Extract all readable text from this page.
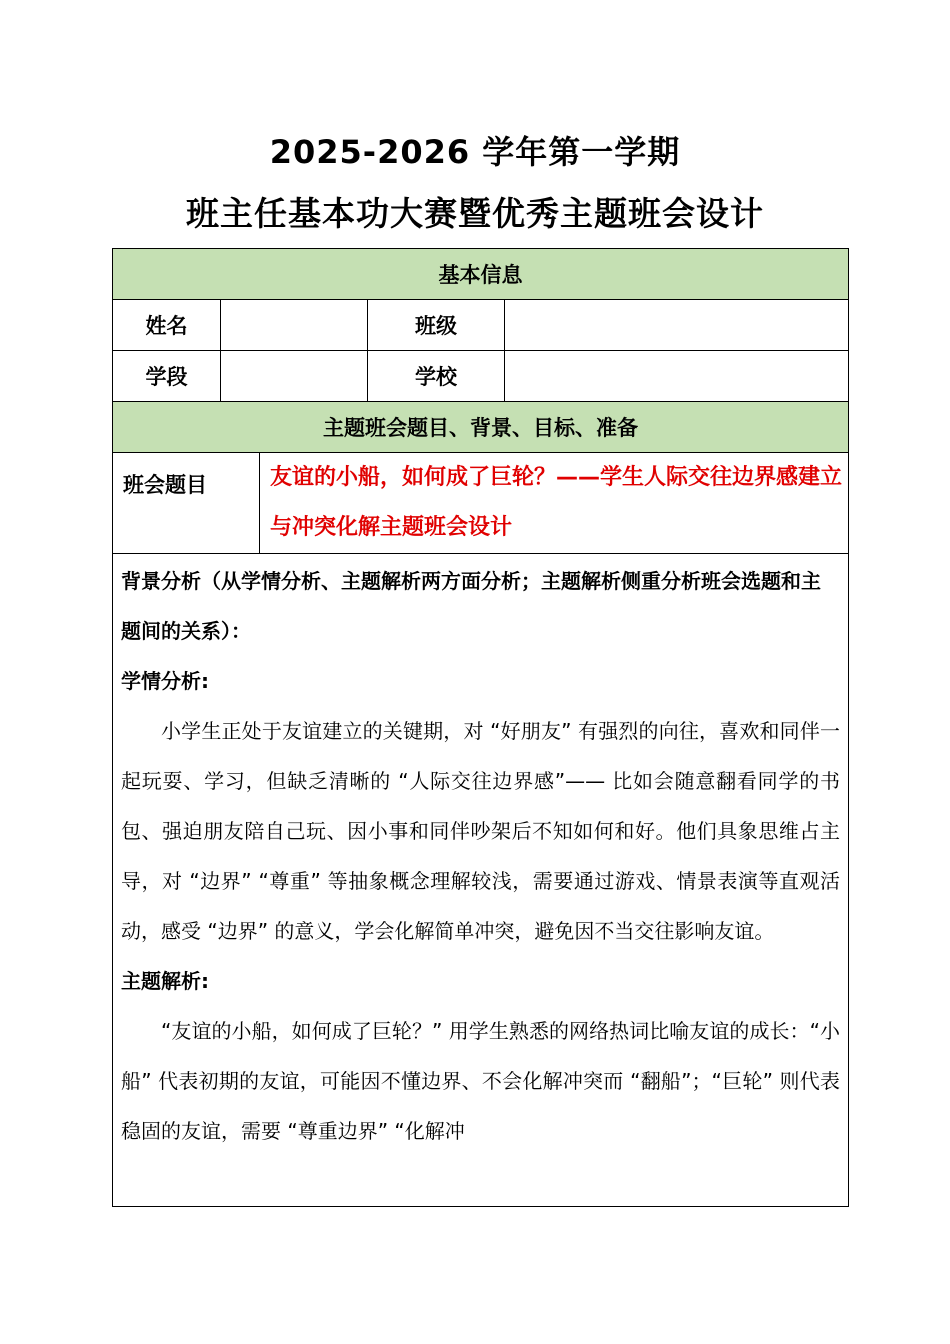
2025-2026 学年第一学期
班主任基本功大赛暨优秀主题班会设计
基本信息				
姓名			班级	
学段			学校	
主题班会题目、背景、目标、准备				
班会题目		友谊的小船，如何成了巨轮？——学生人际交往边界感建立与冲突化解主题班会设计		

背景分析（从学情分析、主题解析两方面分析；主题解析侧重分析班会选题和主题间的关系）：

学情分析:

小学生正处于友谊建立的关键期，对 “好朋友” 有强烈的向往，喜欢和同伴一起玩耍、学习，但缺乏清晰的 “人际交往边界感”—— 比如会随意翻看同学的书包、强迫朋友陪自己玩、因小事和同伴吵架后不知如何和好。他们具象思维占主导，对 “边界” “尊重” 等抽象概念理解较浅，需要通过游戏、情景表演等直观活动，感受 “边界” 的意义，学会化解简单冲突，避免因不当交往影响友谊。

主题解析:

“友谊的小船，如何成了巨轮？” 用学生熟悉的网络热词比喻友谊的成长：“小船” 代表初期的友谊，可能因不懂边界、不会化解冲突而 “翻船”；“巨轮” 则代表稳固的友谊，需要 “尊重边界” “化解冲				
